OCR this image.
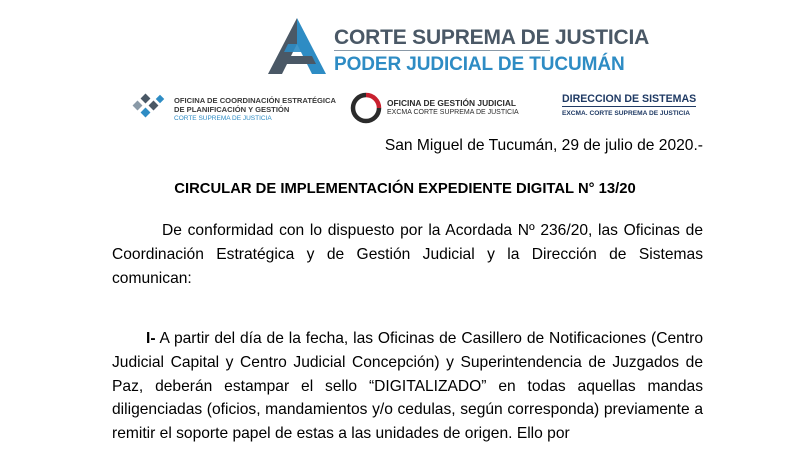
CORTE SUPREMA DE JUSTICIA
PODER JUDICIAL DE TUCUMÁN
OFICINA DE COORDINACIÓN ESTRATÉGICA
DE PLANIFICACIÓN Y GESTIÓN
CORTE SUPREMA DE JUSTICIA
OFICINA DE GESTIÓN JUDICIAL
EXCMA CORTE SUPREMA DE JUSTICIA
DIRECCION DE SISTEMAS
EXCMA. CORTE SUPREMA DE JUSTICIA
San Miguel de Tucumán, 29 de julio de 2020.-
CIRCULAR DE IMPLEMENTACIÓN EXPEDIENTE DIGITAL N° 13/20
De conformidad con lo dispuesto por la Acordada Nº 236/20, las Oficinas de Coordinación Estratégica y de Gestión Judicial y la Dirección de Sistemas comunican:
I- A partir del día de la fecha, las Oficinas de Casillero de Notificaciones (Centro Judicial Capital y Centro Judicial Concepción) y Superintendencia de Juzgados de Paz, deberán estampar el sello “DIGITALIZADO” en todas aquellas mandas diligenciadas (oficios, mandamientos y/o cedulas, según corresponda) previamente a remitir el soporte papel de estas a las unidades de origen. Ello por
